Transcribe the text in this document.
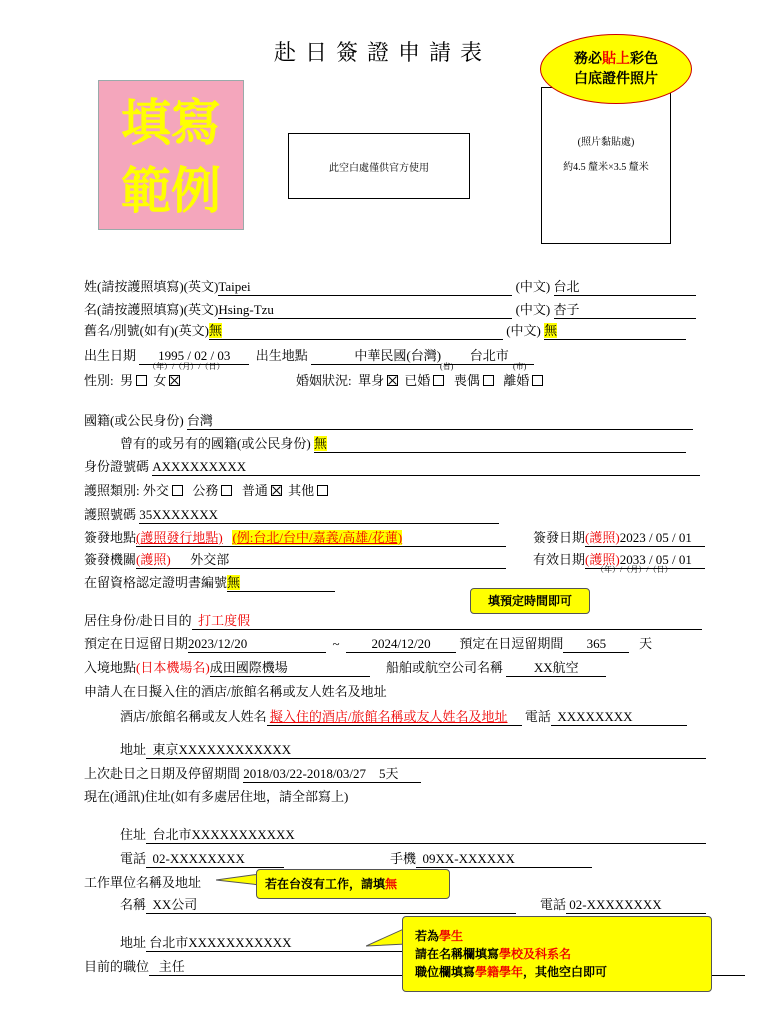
赴日簽證申請表
填寫
範例	此空白處僅供官方使用
(照片黏貼處)
約4.5 釐米×3.5 釐米
務必貼上彩色
白底證件照片
姓(請按護照填寫)(英文)Taipei	(中文) 台北
名(請按護照填寫)(英文)Hsing-Tzu	(中文) 杏子
舊名/別號(如有)(英文)無	(中文) 無
出生日期 1995 / 02 / 03 出生地點	中華民國(台灣) 台北市
（年）/（月）/（日）	(省)	(市)
性別: 男 女	婚姻狀況: 單身 已婚 喪偶 離婚
國籍(或公民身份) 台灣
曾有的或另有的國籍(或公民身份) 無
身份證號碼 AXXXXXXXXX
護照類別: 外交 公務 普通 其他
護照號碼 35XXXXXXX
簽發地點(護照發行地點) (例:台北/台中/嘉義/高雄/花蓮)	簽發日期(護照)2023 / 05 / 01
簽發機關(護照) 外交部	有效日期(護照)2033 / 05 / 01
（年）/（月）/（日）
在留資格認定證明書編號無
填預定時間即可
居住身份/赴日目的 打工度假
預定在日逗留日期2023/12/20	~ 2024/12/20 預定在日逗留期間 365	天
入境地點(日本機場名)成田國際機場	船舶或航空公司名稱 XX航空
申請人在日擬入住的酒店/旅館名稱或友人姓名及地址
酒店/旅館名稱或友人姓名 擬入住的酒店/旅館名稱或友人姓名及地址 電話 XXXXXXXX
地址 東京XXXXXXXXXXXX
上次赴日之日期及停留期間 2018/03/22-2018/03/27 5天
現在(通訊)住址(如有多處居住地，請全部寫上)
住址 台北市XXXXXXXXXXX
電話 02-XXXXXXXX	手機 09XX-XXXXXX
工作單位名稱及地址	若在台沒有工作，請填無
名稱 XX公司	電話 02-XXXXXXXX
地址 台北市XXXXXXXXXXX
目前的職位 主任
若為學生
請在名稱欄填寫學校及科系名
職位欄填寫學籍學年，其他空白即可
